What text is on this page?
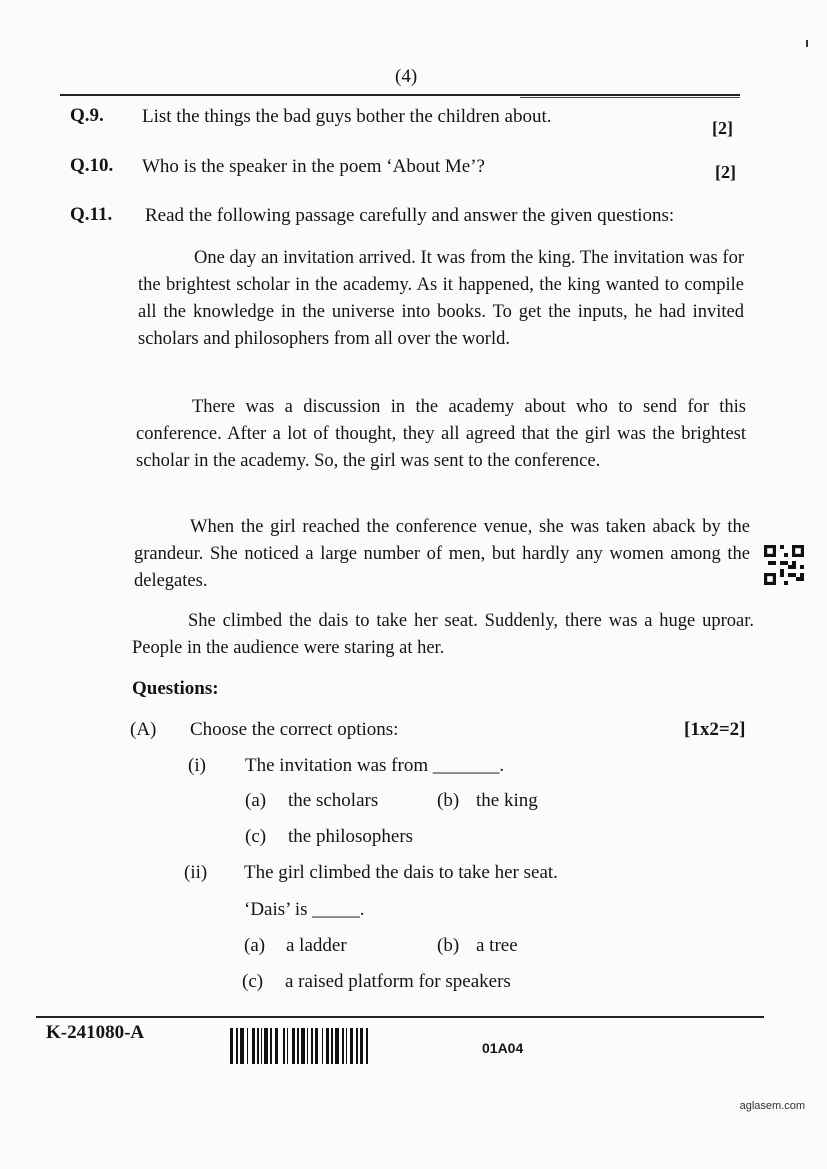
(4)
Q.9. List the things the bad guys bother the children about.
[2]
Q.10. Who is the speaker in the poem ‘About Me’?	[2]
Q.11. Read the following passage carefully and answer the given questions:
One day an invitation arrived. It was from the king. The invitation was for the brightest scholar in the academy. As it happened, the king wanted to compile all the knowledge in the universe into books. To get the inputs, he had invited scholars and philosophers from all over the world.
There was a discussion in the academy about who to send for this conference. After a lot of thought, they all agreed that the girl was the brightest scholar in the academy. So, the girl was sent to the conference.
When the girl reached the conference venue, she was taken aback by the grandeur. She noticed a large number of men, but hardly any women among the delegates.
She climbed the dais to take her seat. Suddenly, there was a huge uproar. People in the audience were staring at her.
Questions:
(A) Choose the correct options:	[1x2=2]
(i) The invitation was from _______.
(a) the scholars	(b) the king
(c) the philosophers
(ii) The girl climbed the dais to take her seat.
‘Dais’ is _____.
(a) a ladder	(b) a tree
(c) a raised platform for speakers
K-241080-A
01A04
aglasem.com
